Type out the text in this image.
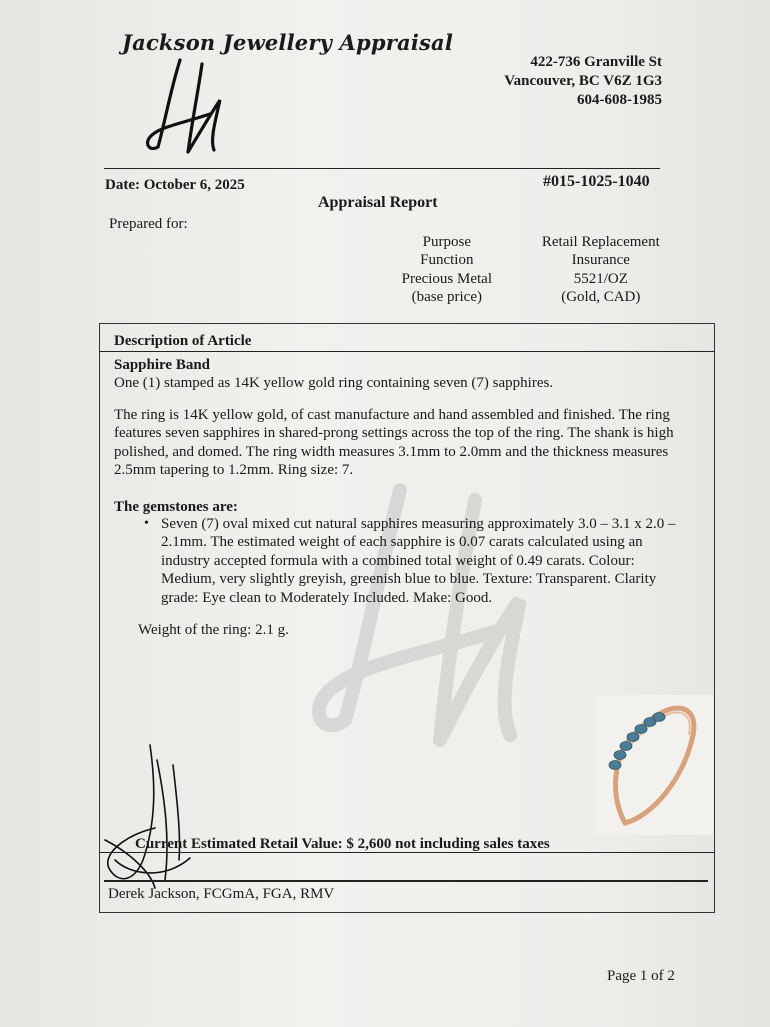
Jackson Jewellery Appraisal
422-736 Granville St
Vancouver, BC V6Z 1G3
604-608-1985
Date: October 6, 2025	#015-1025-1040
Appraisal Report
Prepared for:
Purpose	Retail Replacement
Function	Insurance
Precious Metal	5521/OZ
(base price)	(Gold, CAD)
Description of Article
Sapphire Band
One (1) stamped as 14K yellow gold ring containing seven (7) sapphires.
The ring is 14K yellow gold, of cast manufacture and hand assembled and finished. The ring
features seven sapphires in shared-prong settings across the top of the ring. The shank is high
polished, and domed. The ring width measures 3.1mm to 2.0mm and the thickness measures
2.5mm tapering to 1.2mm. Ring size: 7.
The gemstones are:
• Seven (7) oval mixed cut natural sapphires measuring approximately 3.0 – 3.1 x 2.0 –
2.1mm. The estimated weight of each sapphire is 0.07 carats calculated using an
industry accepted formula with a combined total weight of 0.49 carats. Colour:
Medium, very slightly greyish, greenish blue to blue. Texture: Transparent. Clarity
grade: Eye clean to Moderately Included. Make: Good.
Weight of the ring: 2.1 g.
Current Estimated Retail Value: $ 2,600 not including sales taxes
Derek Jackson, FCGmA, FGA, RMV
Page 1 of 2
